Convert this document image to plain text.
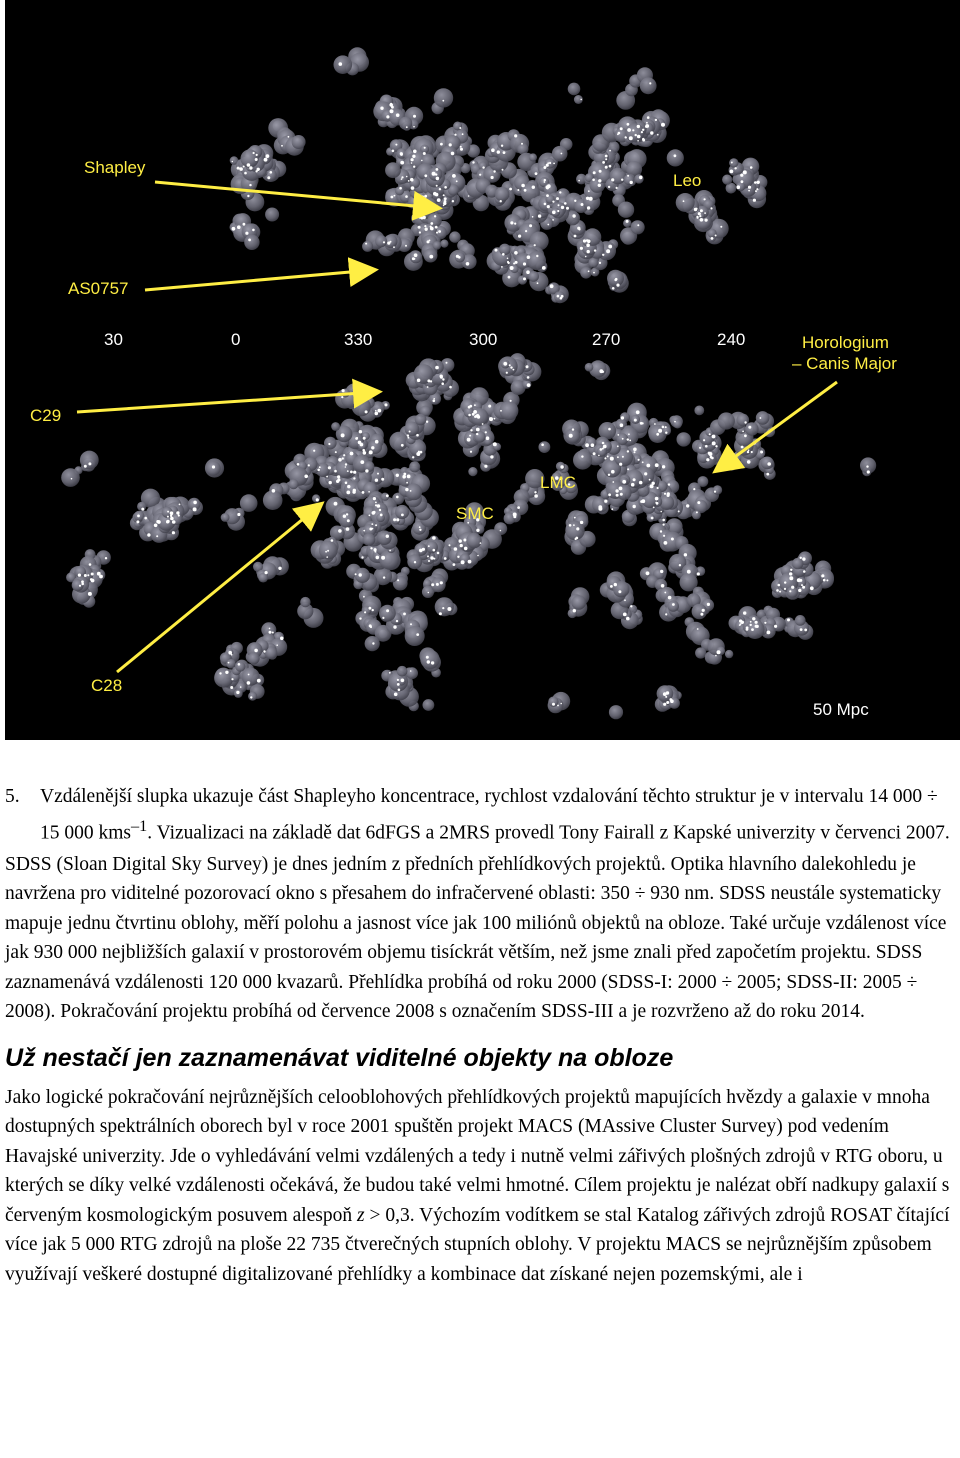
Shapley
Leo
AS0757
Horologium
– Canis Major
C29
LMC
SMC
C28
30	0	330	300	270	240
50 Mpc

5. Vzdálenější slupka ukazuje část Shapleyho koncentrace, rychlost vzdalování těchto struktur je v intervalu 14 000 ÷ 15 000 kms$^{-1}$. Vizualizaci na základě dat 6dFGS a 2MRS provedl Tony Fairall z Kapské univerzity v červenci 2007.

SDSS (Sloan Digital Sky Survey) je dnes jedním z předních přehlídkových projektů. Optika hlavního dalekohledu je navržena pro viditelné pozorovací okno s přesahem do infračervené oblasti: 350 ÷ 930 nm. SDSS neustále systematicky mapuje jednu čtvrtinu oblohy, měří polohu a jasnost více jak 100 miliónů objektů na obloze. Také určuje vzdálenost více jak 930 000 nejbližších galaxií v prostorovém objemu tisíckrát větším, než jsme znali před započetím projektu. SDSS zaznamenává vzdálenosti 120 000 kvazarů. Přehlídka probíhá od roku 2000 (SDSS-I: 2000 ÷ 2005; SDSS-II: 2005 ÷ 2008). Pokračování projektu probíhá od července 2008 s označením SDSS-III a je rozvrženo až do roku 2014.

Už nestačí jen zaznamenávat viditelné objekty na obloze

Jako logické pokračování nejrůznějších celooblohových přehlídkových projektů mapujících hvězdy a galaxie v mnoha dostupných spektrálních oborech byl v roce 2001 spuštěn projekt MACS (MAssive Cluster Survey) pod vedením Havajské univerzity. Jde o vyhledávání velmi vzdálených a tedy i nutně velmi zářivých plošných zdrojů v RTG oboru, u kterých se díky velké vzdálenosti očekává, že budou také velmi hmotné. Cílem projektu je nalézat obří nadkupy galaxií s červeným kosmologickým posuvem alespoň z > 0,3. Výchozím vodítkem se stal Katalog zářivých zdrojů ROSAT čítající více jak 5 000 RTG zdrojů na ploše 22 735 čtverečných stupních oblohy. V projektu MACS se nejrůznějším způsobem využívají veškeré dostupné digitalizované přehlídky a kombinace dat získané nejen pozemskými, ale i
